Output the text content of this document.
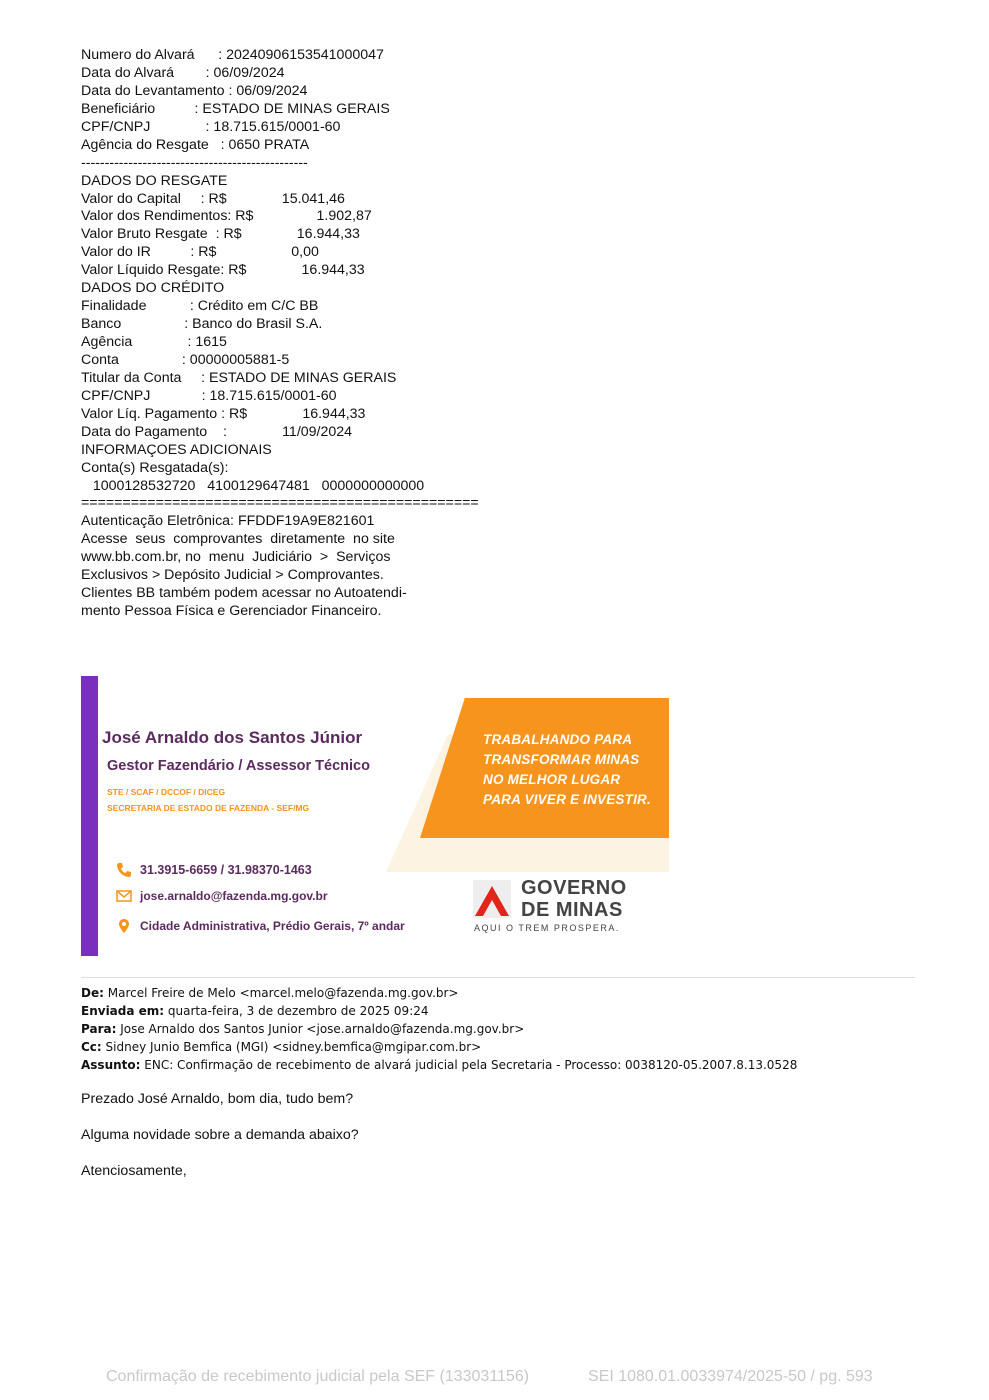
Numero do Alvará      : 20240906153541000047
Data do Alvará        : 06/09/2024
Data do Levantamento : 06/09/2024
Beneficiário          : ESTADO DE MINAS GERAIS
CPF/CNPJ              : 18.715.615/0001-60
Agência do Resgate   : 0650 PRATA
------------------------------------------------
DADOS DO RESGATE
Valor do Capital     : R$              15.041,46
Valor dos Rendimentos: R$                1.902,87
Valor Bruto Resgate  : R$              16.944,33
Valor do IR          : R$                   0,00
Valor Líquido Resgate: R$              16.944,33
DADOS DO CRÉDITO
Finalidade           : Crédito em C/C BB
Banco                : Banco do Brasil S.A.
Agência              : 1615
Conta                : 00000005881-5
Titular da Conta     : ESTADO DE MINAS GERAIS
CPF/CNPJ             : 18.715.615/0001-60
Valor Líq. Pagamento : R$              16.944,33
Data do Pagamento    :              11/09/2024
INFORMAÇOES ADICIONAIS
Conta(s) Resgatada(s):
1000128532720   4100129647481   0000000000000
================================================
Autenticação Eletrônica: FFDDF19A9E821601
Acesse  seus  comprovantes  diretamente  no site
www.bb.com.br, no  menu  Judiciário  >  Serviços
Exclusivos > Depósito Judicial > Comprovantes.
Clientes BB também podem acessar no Autoatendi-
mento Pessoa Física e Gerenciador Financeiro.
TRABALHANDO PARA
TRANSFORMAR MINAS
NO MELHOR LUGAR
PARA VIVER E INVESTIR.
José Arnaldo dos Santos Júnior
Gestor Fazendário / Assessor Técnico
STE / SCAF / DCCOF / DICEG
SECRETARIA DE ESTADO DE FAZENDA - SEF/MG
31.3915-6659 / 31.98370-1463
jose.arnaldo@fazenda.mg.gov.br
Cidade Administrativa, Prédio Gerais, 7º andar
GOVERNO
DE MINAS
AQUI O TREM PROSPERA.
De: Marcel Freire de Melo <marcel.melo@fazenda.mg.gov.br>
Enviada em: quarta-feira, 3 de dezembro de 2025 09:24
Para: Jose Arnaldo dos Santos Junior <jose.arnaldo@fazenda.mg.gov.br>
Cc: Sidney Junio Bemfica (MGI) <sidney.bemfica@mgipar.com.br>
Assunto: ENC: Confirmação de recebimento de alvará judicial pela Secretaria - Processo: 0038120-05.2007.8.13.0528
Prezado José Arnaldo, bom dia, tudo bem?
Alguma novidade sobre a demanda abaixo?
Atenciosamente,
Confirmação de recebimento judicial pela SEF (133031156)	SEI 1080.01.0033974/2025-50 / pg. 593
